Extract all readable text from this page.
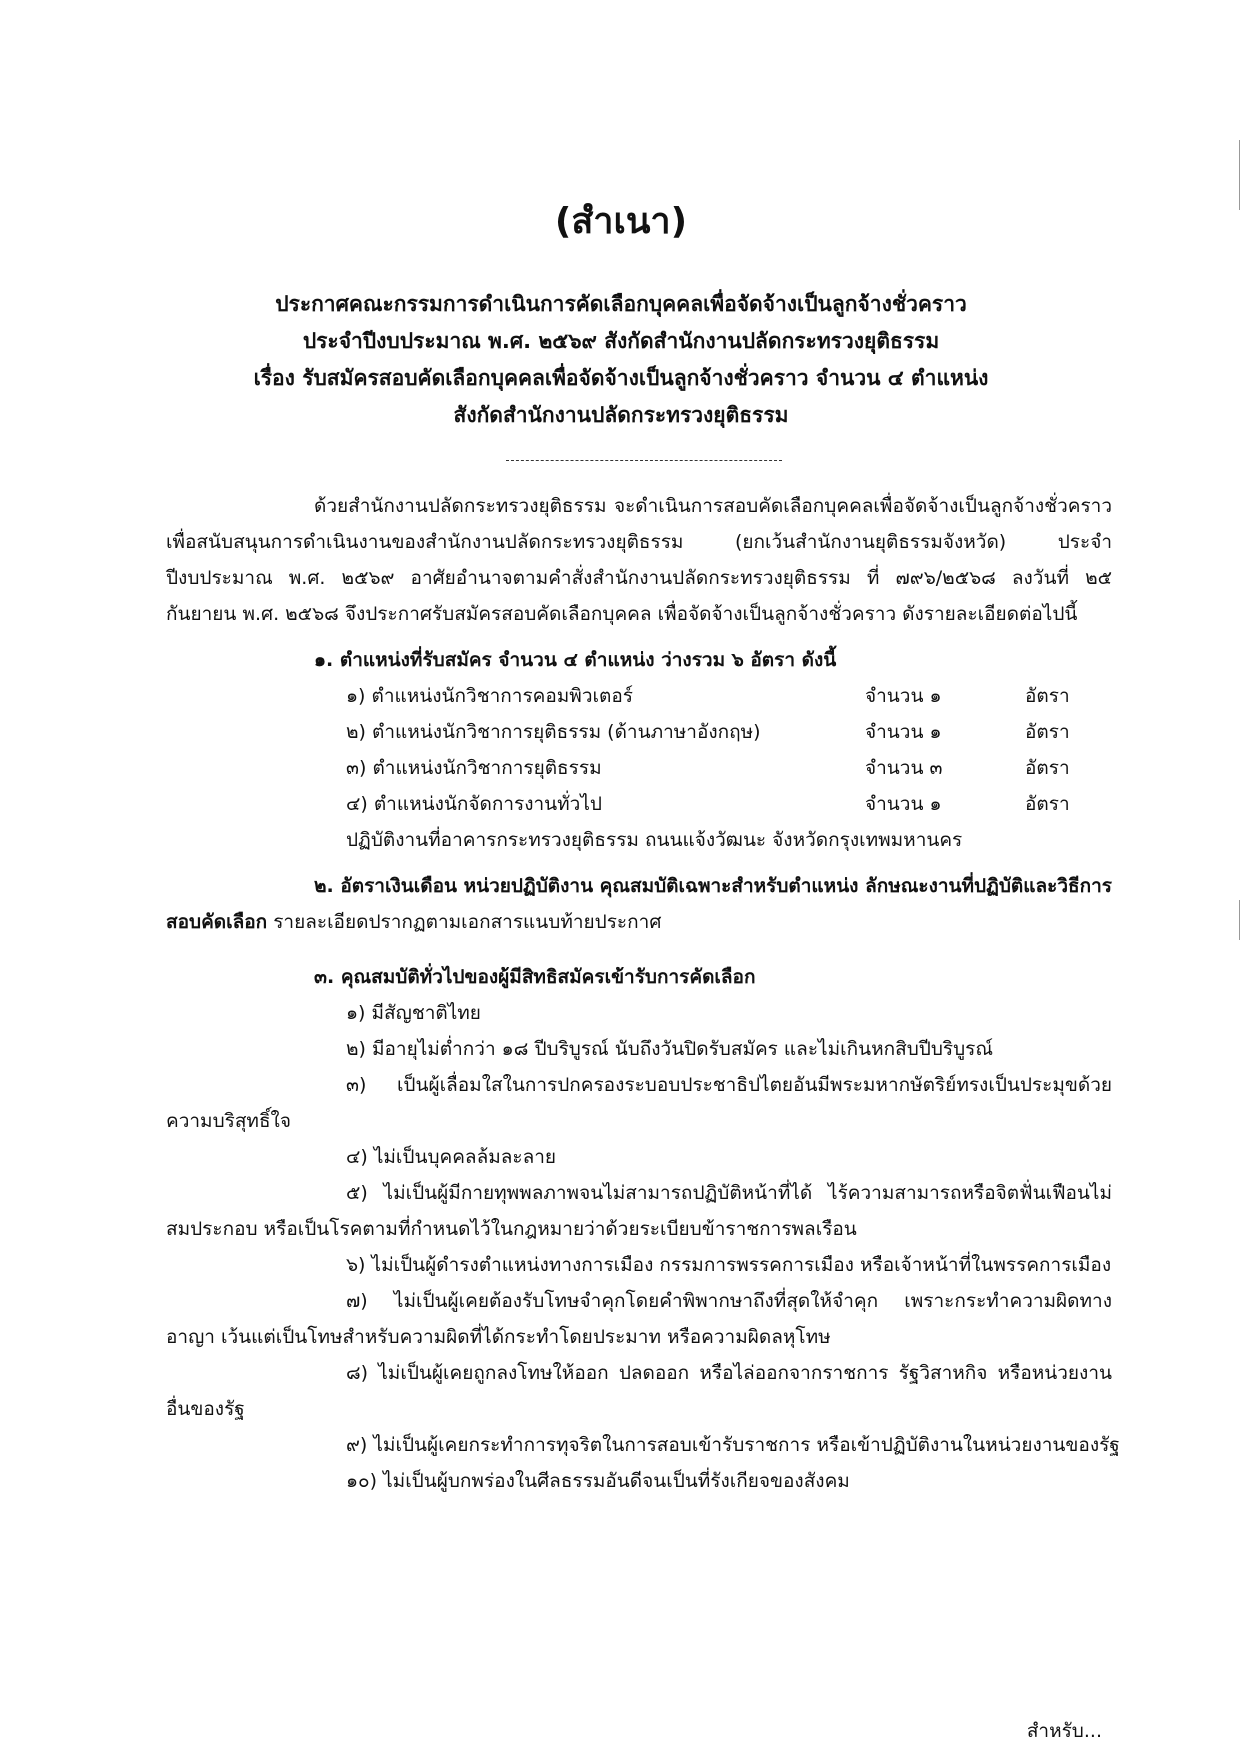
(สำเนา)
ประกาศคณะกรรมการดำเนินการคัดเลือกบุคคลเพื่อจัดจ้างเป็นลูกจ้างชั่วคราว
ประจำปีงบประมาณ พ.ศ. ๒๕๖๙ สังกัดสำนักงานปลัดกระทรวงยุติธรรม
เรื่อง รับสมัครสอบคัดเลือกบุคคลเพื่อจัดจ้างเป็นลูกจ้างชั่วคราว จำนวน ๔ ตำแหน่ง
สังกัดสำนักงานปลัดกระทรวงยุติธรรม

ด้วยสำนักงานปลัดกระทรวงยุติธรรม จะดำเนินการสอบคัดเลือกบุคคลเพื่อจัดจ้างเป็นลูกจ้างชั่วคราว เพื่อสนับสนุนการดำเนินงานของสำนักงานปลัดกระทรวงยุติธรรม (ยกเว้นสำนักงานยุติธรรมจังหวัด) ประจำปีงบประมาณ พ.ศ. ๒๕๖๙ อาศัยอำนาจตามคำสั่งสำนักงานปลัดกระทรวงยุติธรรม ที่ ๗๙๖/๒๕๖๘ ลงวันที่ ๒๕ กันยายน พ.ศ. ๒๕๖๘ จึงประกาศรับสมัครสอบคัดเลือกบุคคล เพื่อจัดจ้างเป็นลูกจ้างชั่วคราว ดังรายละเอียดต่อไปนี้

๑. ตำแหน่งที่รับสมัคร จำนวน ๔ ตำแหน่ง ว่างรวม ๖ อัตรา ดังนี้
๑) ตำแหน่งนักวิชาการคอมพิวเตอร์	จำนวน ๑	อัตรา
๒) ตำแหน่งนักวิชาการยุติธรรม (ด้านภาษาอังกฤษ)	จำนวน ๑	อัตรา
๓) ตำแหน่งนักวิชาการยุติธรรม	จำนวน ๓	อัตรา
๔) ตำแหน่งนักจัดการงานทั่วไป	จำนวน ๑	อัตรา
ปฏิบัติงานที่อาคารกระทรวงยุติธรรม ถนนแจ้งวัฒนะ จังหวัดกรุงเทพมหานคร

๒. อัตราเงินเดือน หน่วยปฏิบัติงาน คุณสมบัติเฉพาะสำหรับตำแหน่ง ลักษณะงานที่ปฏิบัติและวิธีการสอบคัดเลือก รายละเอียดปรากฏตามเอกสารแนบท้ายประกาศ

๓. คุณสมบัติทั่วไปของผู้มีสิทธิสมัครเข้ารับการคัดเลือก
๑) มีสัญชาติไทย
๒) มีอายุไม่ต่ำกว่า ๑๘ ปีบริบูรณ์ นับถึงวันปิดรับสมัคร และไม่เกินหกสิบปีบริบูรณ์

๓) เป็นผู้เลื่อมใสในการปกครองระบอบประชาธิปไตยอันมีพระมหากษัตริย์ทรงเป็นประมุขด้วยความบริสุทธิ์ใจ

๔) ไม่เป็นบุคคลล้มละลาย

๕) ไม่เป็นผู้มีกายทุพพลภาพจนไม่สามารถปฏิบัติหน้าที่ได้ ไร้ความสามารถหรือจิตฟั่นเฟือนไม่สมประกอบ หรือเป็นโรคตามที่กำหนดไว้ในกฎหมายว่าด้วยระเบียบข้าราชการพลเรือน

๖) ไม่เป็นผู้ดำรงตำแหน่งทางการเมือง กรรมการพรรคการเมือง หรือเจ้าหน้าที่ในพรรคการเมือง

๗) ไม่เป็นผู้เคยต้องรับโทษจำคุกโดยคำพิพากษาถึงที่สุดให้จำคุก เพราะกระทำความผิดทางอาญา เว้นแต่เป็นโทษสำหรับความผิดที่ได้กระทำโดยประมาท หรือความผิดลหุโทษ

๘) ไม่เป็นผู้เคยถูกลงโทษให้ออก ปลดออก หรือไล่ออกจากราชการ รัฐวิสาหกิจ หรือหน่วยงานอื่นของรัฐ

๙) ไม่เป็นผู้เคยกระทำการทุจริตในการสอบเข้ารับราชการ หรือเข้าปฏิบัติงานในหน่วยงานของรัฐ
๑๐) ไม่เป็นผู้บกพร่องในศีลธรรมอันดีจนเป็นที่รังเกียจของสังคม
สำหรับ...
